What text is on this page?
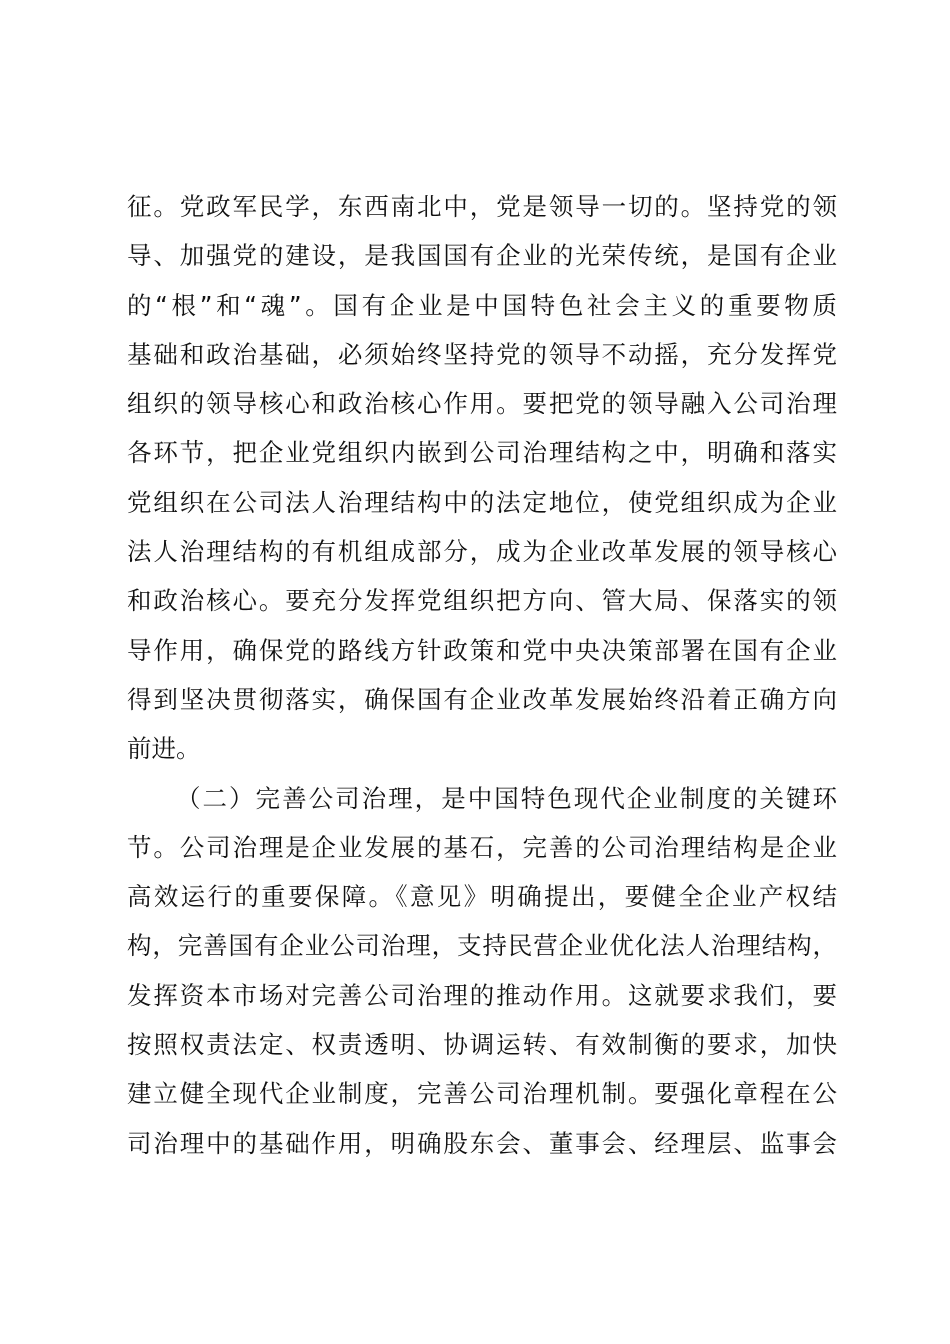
征。党政军民学，东西南北中，党是领导一切的。坚持党的领
导、加强党的建设，是我国国有企业的光荣传统，是国有企业
的“根”和“魂”。国有企业是中国特色社会主义的重要物质
基础和政治基础，必须始终坚持党的领导不动摇，充分发挥党
组织的领导核心和政治核心作用。要把党的领导融入公司治理
各环节，把企业党组织内嵌到公司治理结构之中，明确和落实
党组织在公司法人治理结构中的法定地位，使党组织成为企业
法人治理结构的有机组成部分，成为企业改革发展的领导核心
和政治核心。要充分发挥党组织把方向、管大局、保落实的领
导作用，确保党的路线方针政策和党中央决策部署在国有企业
得到坚决贯彻落实，确保国有企业改革发展始终沿着正确方向
前进。
（二）完善公司治理，是中国特色现代企业制度的关键环
节。公司治理是企业发展的基石，完善的公司治理结构是企业
高效运行的重要保障。《意见》明确提出，要健全企业产权结
构，完善国有企业公司治理，支持民营企业优化法人治理结构，
发挥资本市场对完善公司治理的推动作用。这就要求我们，要
按照权责法定、权责透明、协调运转、有效制衡的要求，加快
建立健全现代企业制度，完善公司治理机制。要强化章程在公
司治理中的基础作用，明确股东会、董事会、经理层、监事会
